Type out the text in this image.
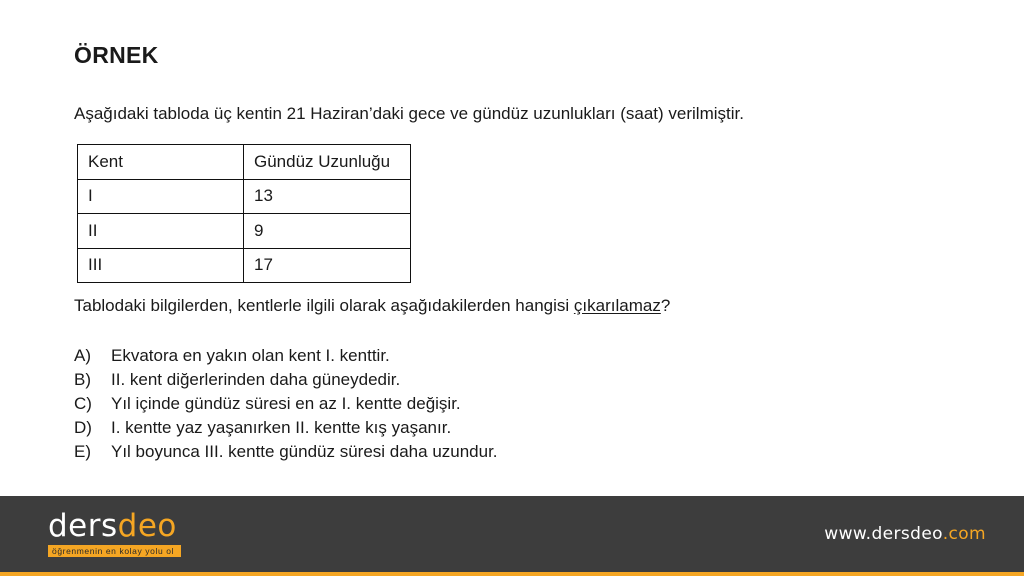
ÖRNEK
Aşağıdaki tabloda üç kentin 21 Haziran’daki gece ve gündüz uzunlukları (saat) verilmiştir.
Kent	Gündüz Uzunluğu
I	13
II	9
III	17
Tablodaki bilgilerden, kentlerle ilgili olarak aşağıdakilerden hangisi çıkarılamaz?
A)	Ekvatora en yakın olan kent I. kenttir.
B)	II. kent diğerlerinden daha güneydedir.
C)	Yıl içinde gündüz süresi en az I. kentte değişir.
D)	I. kentte yaz yaşanırken II. kentte kış yaşanır.
E)	Yıl boyunca III. kentte gündüz süresi daha uzundur.
dersdeo
öğrenmenin en kolay yolu ol
www.dersdeo.com
